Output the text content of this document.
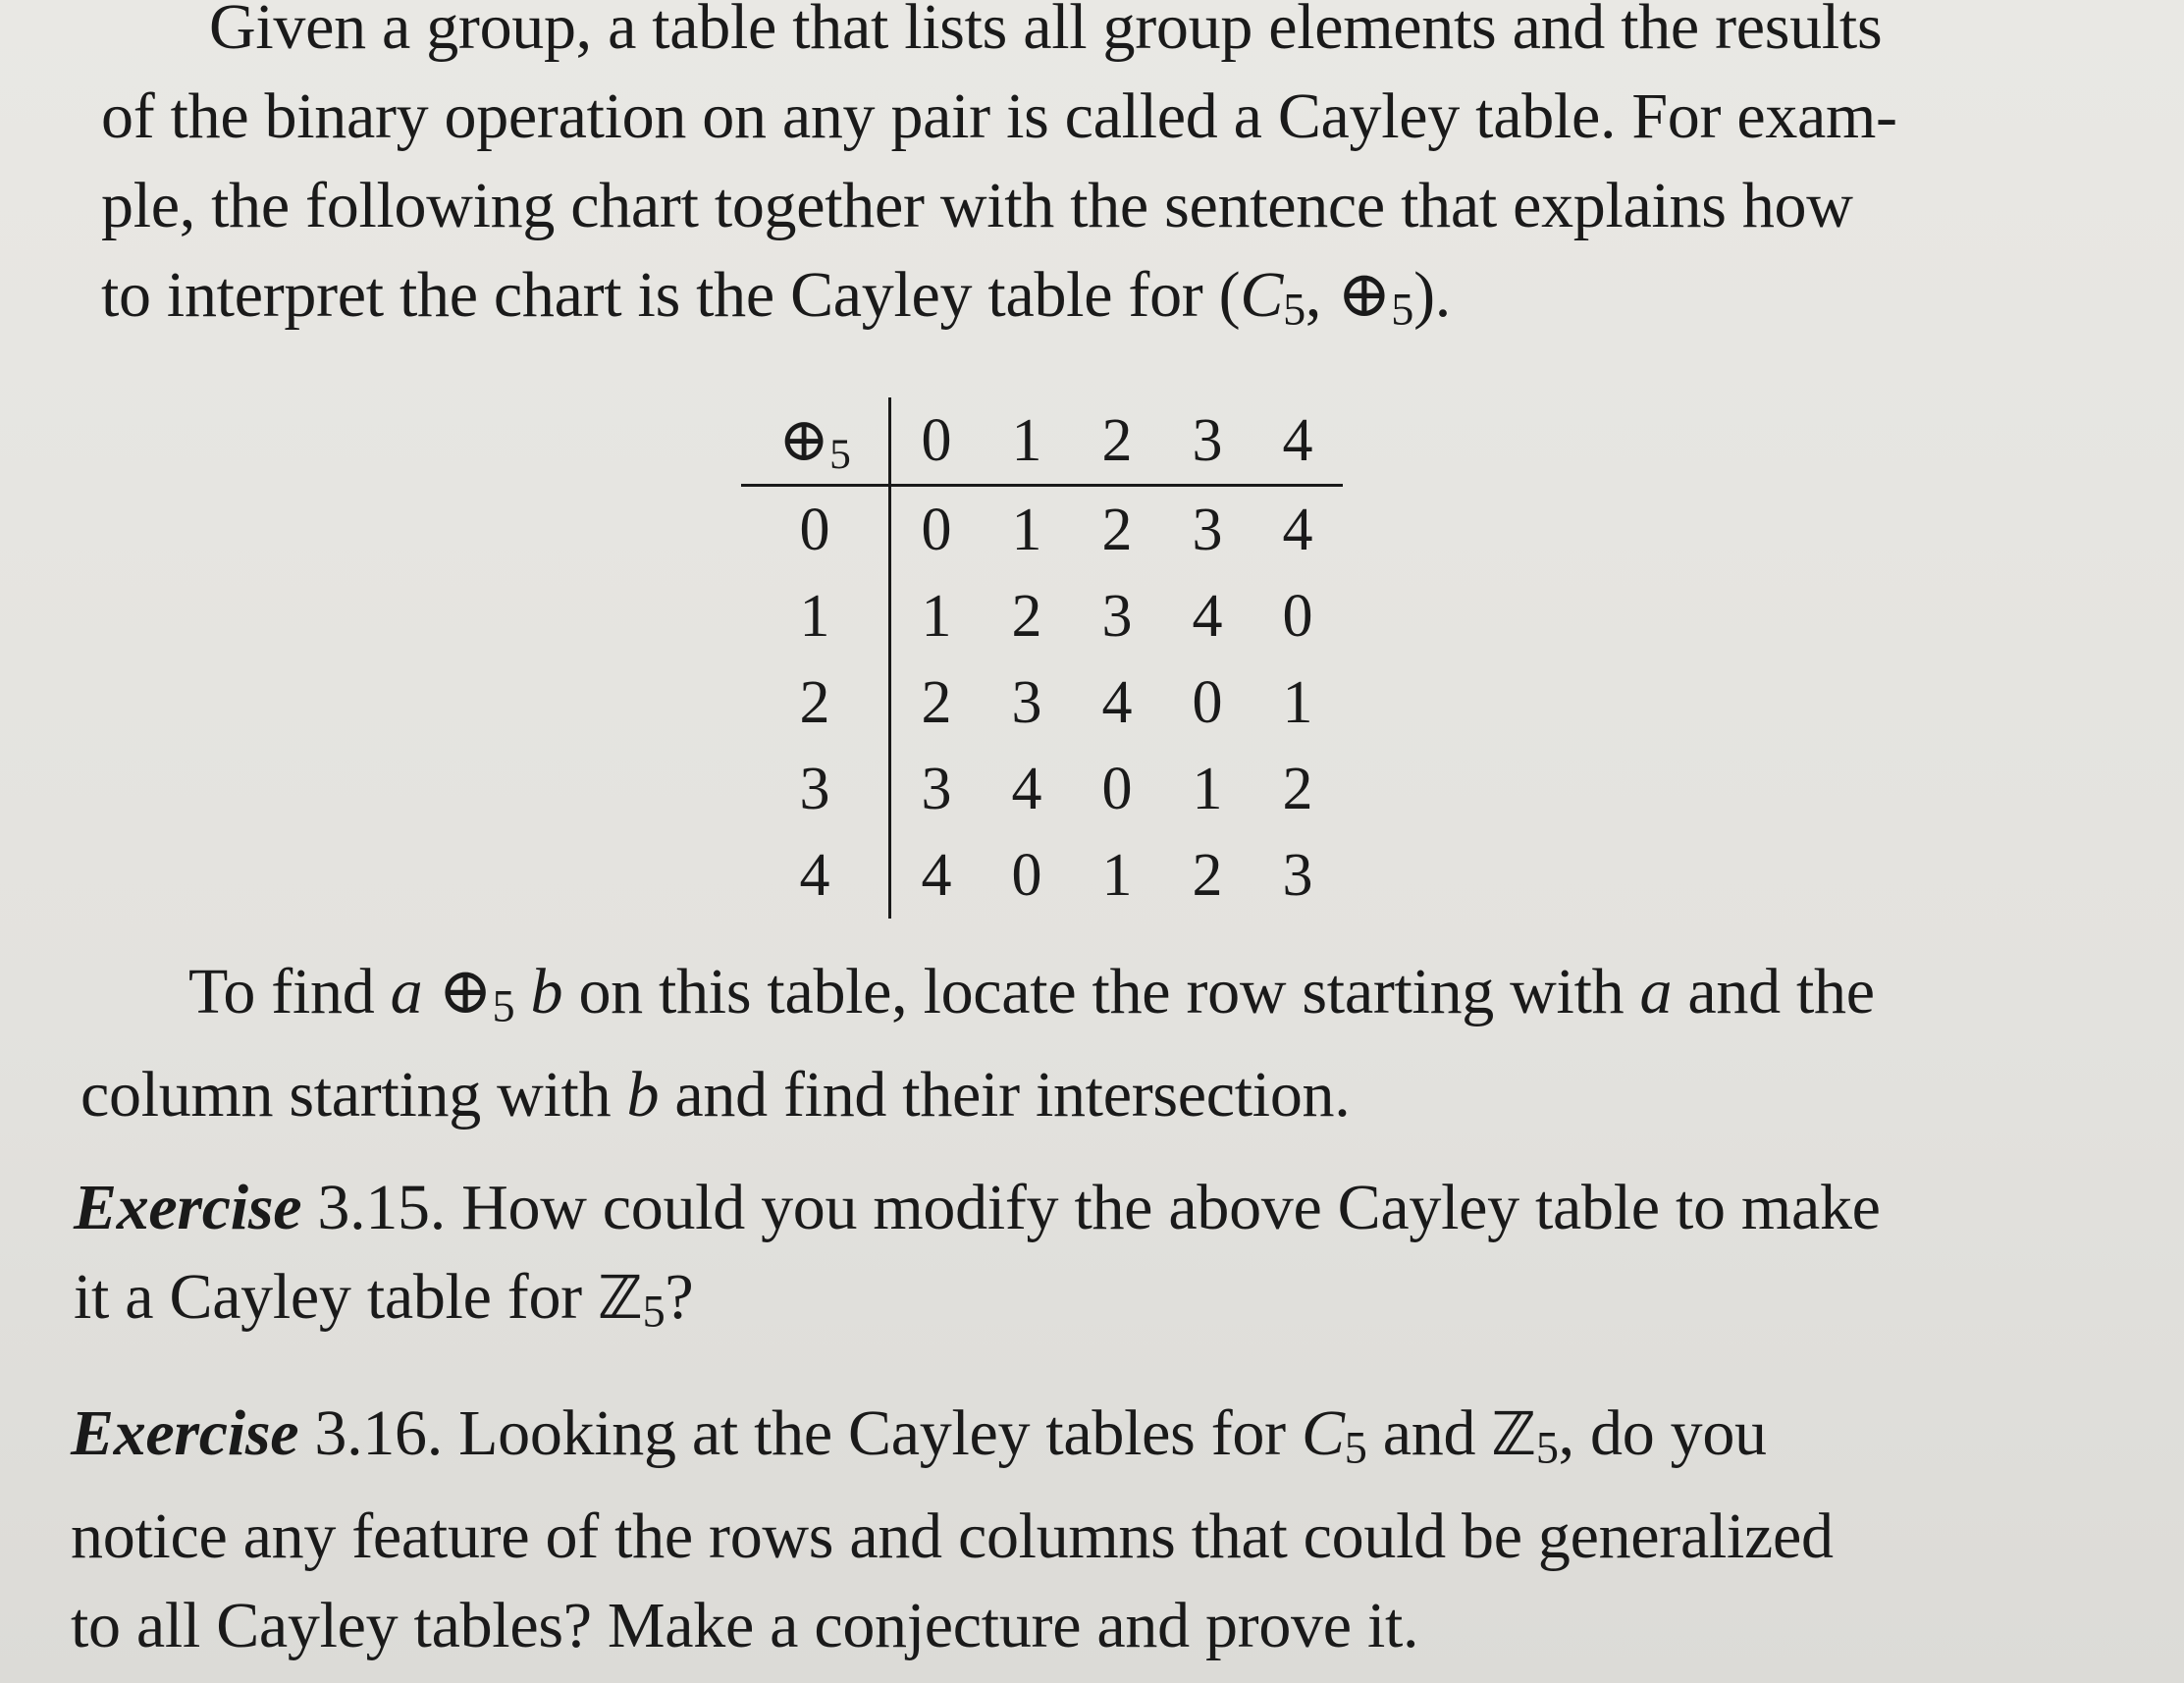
Given a group, a table that lists all group elements and the results
of the binary operation on any pair is called a Cayley table. For exam-
ple, the following chart together with the sentence that explains how
to interpret the chart is the Cayley table for (C5, ⊕5).
⊕5	0	1	2	3	4
0	0	1	2	3	4
1	1	2	3	4	0
2	2	3	4	0	1
3	3	4	0	1	2
4	4	0	1	2	3
To find a ⊕5 b on this table, locate the row starting with a and the
column starting with b and find their intersection.
Exercise 3.15. How could you modify the above Cayley table to make
it a Cayley table for ℤ5?
Exercise 3.16. Looking at the Cayley tables for C5 and ℤ5, do you
notice any feature of the rows and columns that could be generalized
to all Cayley tables? Make a conjecture and prove it.
